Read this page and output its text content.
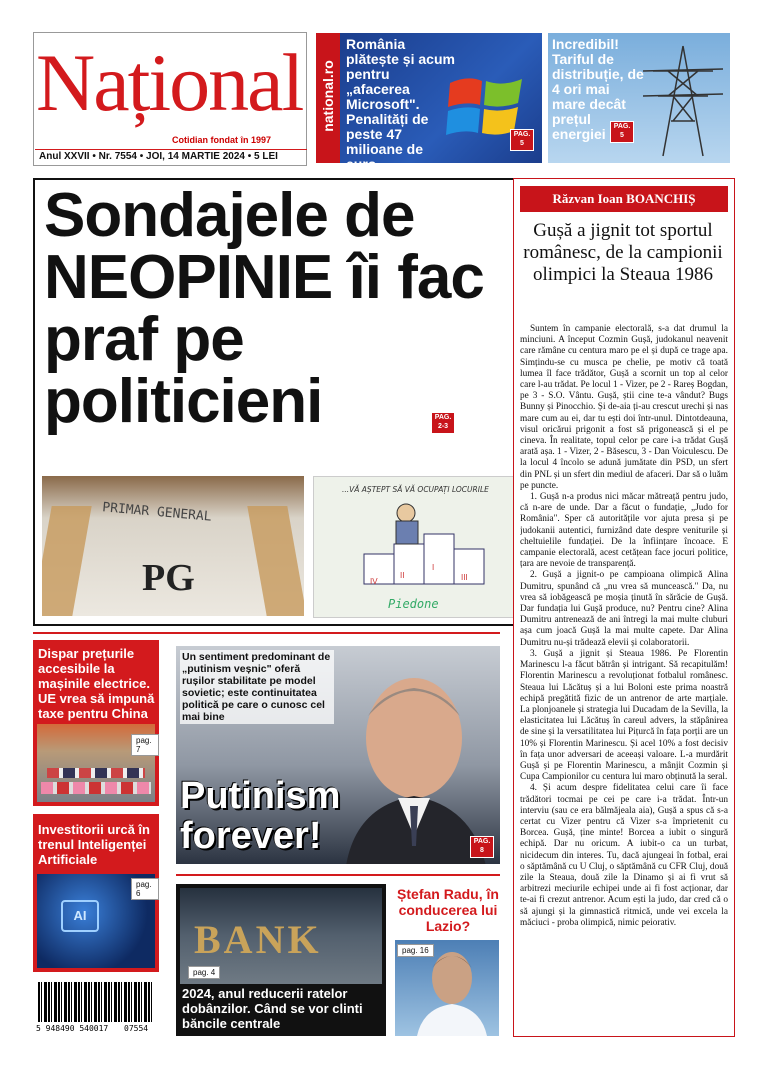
Național
Cotidian fondat în 1997
Anul XXVII • Nr. 7554 • JOI, 14 MARTIE 2024 • 5 LEI
national.ro
România plătește și acum pentru „afacerea Microsoft". Penalități de peste 47 milioane de euro
PAG. 5
Incredibil! Tariful de distribuție, de 4 ori mai mare decât prețul energiei	PAG. 5
Sondajele de NEOPINIE îi fac praf pe politicieni	PAG. 2-3
PRIMAR GENERAL
PG
...VĂ AȘTEPT SĂ VĂ OCUPAȚI LOCURILE
IV
II
I
III
Piedone
Răzvan Ioan BOANCHIȘ
Gușă a jignit tot sportul românesc, de la campionii olimpici la Steaua 1986

Suntem în campanie electorală, s-a dat drumul la minciuni. A început Cozmin Gușă, judokanul neavenit care rămâne cu centura maro pe el și după ce trage apa. Simțindu-se cu musca pe chelie, pe motiv că toată lumea îl face trădător, Gușă a scornit un top al celor care l-au trădat. Pe locul 1 - Vizer, pe 2 - Rareș Bogdan, pe 3 - S.O. Vântu. Gușă, știi cine te-a vândut? Bugs Bunny și Pinocchio. Și de-aia ți-au crescut urechi și nas mare cum au ei, dar tu ești doi într-unul. Dintotdeauna, visul oricărui prigonit a fost să prigonească și el pe cineva. În realitate, topul celor pe care i-a trădat Gușă arată așa. 1 - Vizer, 2 - Băsescu, 3 - Dan Voiculescu. De la locul 4 încolo se adună jumătate din PSD, un sfert din PNL și un sfert din mediul de afaceri. Dar să o luăm pe puncte.

1. Gușă n-a produs nici măcar mătreață pentru judo, că n-are de unde. Dar a făcut o fundație, „Judo for România". Sper că autoritățile vor ajuta presa și pe judokanii autentici, furnizând date despre veniturile și cheltuielile fundației. De la înființare încoace. E campanie electorală, acest cetățean face jocuri politice, țara are nevoie de transparență.

2. Gușă a jignit-o pe campioana olimpică Alina Dumitru, spunând că „nu vrea să muncească." Da, nu vrea să iobăgească pe moșia ținută în sărăcie de Gușă. Dar fundația lui Gușă produce, nu? Pentru cine? Alina Dumitru antrenează de ani întregi la mai multe cluburi așa cum joacă Gușă la mai multe capete. Dar Alina Dumitru nu-și trădează elevii și colaboratorii.

3. Gușă a jignit și Steaua 1986. Pe Florentin Marinescu l-a făcut bătrân și intrigant. Să recapitulăm! Florentin Marinescu a revoluționat fotbalul românesc. Steaua lui Lăcătuș și a lui Boloni este prima noastră echipă pregătită fizic de un antrenor de arte marțiale. La plonjoanele și strategia lui Ducadam de la Sevilla, la elasticitatea lui Lăcătuș în careul advers, la stăpânirea de sine și la versatilitatea lui Pițurcă în fața porții are un 10% și Florentin Marinescu. Și acel 10% a fost decisiv în fața unor adversari de aceeași valoare. L-a murdărit Gușă și pe Florentin Marinescu, a mânjit Cozmin și Cupa Campionilor cu centura lui maro obținută la seral.

4. Și acum despre fidelitatea celui care îi face trădători tocmai pe cei pe care i-a trădat. Într-un interviu (sau ce era bălmăjeala aia), Gușă a spus că s-a certat cu Vizer pentru că Vizer s-a împrietenit cu Borcea. Gușă, ține minte! Borcea a iubit o singură echipă. Dar nu oricum. A iubit-o ca un turbat, nicidecum din interes. Tu, dacă ajungeai în fotbal, erai o săptămână cu U Cluj, o săptămână cu CFR Cluj, două zile la Steaua, două zile la Dinamo și ai fi vrut să arbitrezi meciurile echipei unde ai fi fost acționar, dar te-ai fi crezut antrenor. Acum ești la judo, dar cred că o să ajungi și la gimnastică ritmică, unde vei excela la măciuci - proba olimpică, nimic peiorativ.

Dispar prețurile accesibile la mașinile electrice. UE vrea să impună taxe pentru China
pag. 7
Investitorii urcă în trenul Inteligenței Artificiale
AI
pag. 6
5 948490 540017 07554
Un sentiment predominant de „putinism veșnic" oferă rușilor stabilitate pe model sovietic; este continuitatea politică pe care o cunosc cel mai bine
Putinism forever!	PAG. 8
BANK
pag. 4
2024, anul reducerii ratelor dobânzilor. Când se vor clinti băncile centrale
Ștefan Radu, în conducerea lui Lazio?
pag. 16
